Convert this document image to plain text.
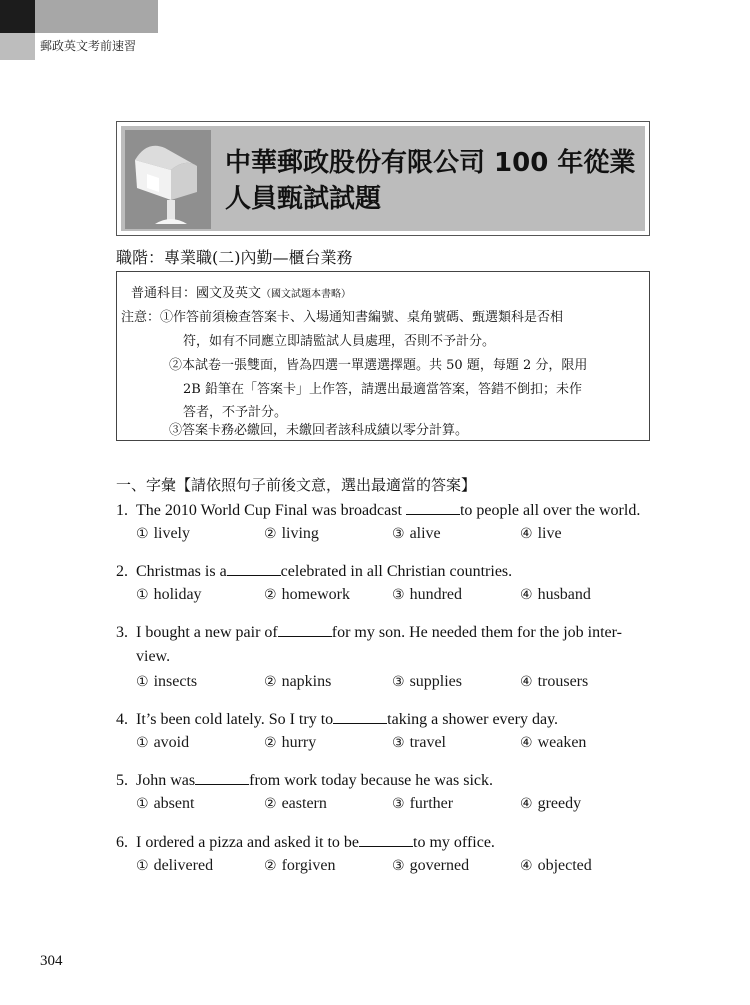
郵政英文考前速習
中華郵政股份有限公司 100 年從業
人員甄試試題
職階：專業職(二)內勤—櫃台業務
普通科目：國文及英文（國文試題本書略）
注意：①作答前須檢查答案卡、入場通知書編號、桌角號碼、甄選類科是否相
符，如有不同應立即請監試人員處理，否則不予計分。
②本試卷一張雙面，皆為四選一單選選擇題。共 50 題，每題 2 分，限用
2B 鉛筆在「答案卡」上作答，請選出最適當答案，答錯不倒扣；未作
答者，不予計分。
③答案卡務必繳回，未繳回者該科成績以零分計算。
一、字彙【請依照句子前後文意，選出最適當的答案】
1. The 2010 World Cup Final was broadcast	to people all over the world.
① lively	② living	③ alive	④ live
2. Christmas is a	celebrated in all Christian countries.
① holiday	② homework	③ hundred	④ husband
3. I bought a new pair of	for my son. He needed them for the job inter-
view.
① insects	② napkins	③ supplies	④ trousers
4. It’s been cold lately. So I try to	taking a shower every day.
① avoid	② hurry	③ travel	④ weaken
5. John was	from work today because he was sick.
① absent	② eastern	③ further	④ greedy
6. I ordered a pizza and asked it to be	to my office.
① delivered	② forgiven	③ governed	④ objected
304
